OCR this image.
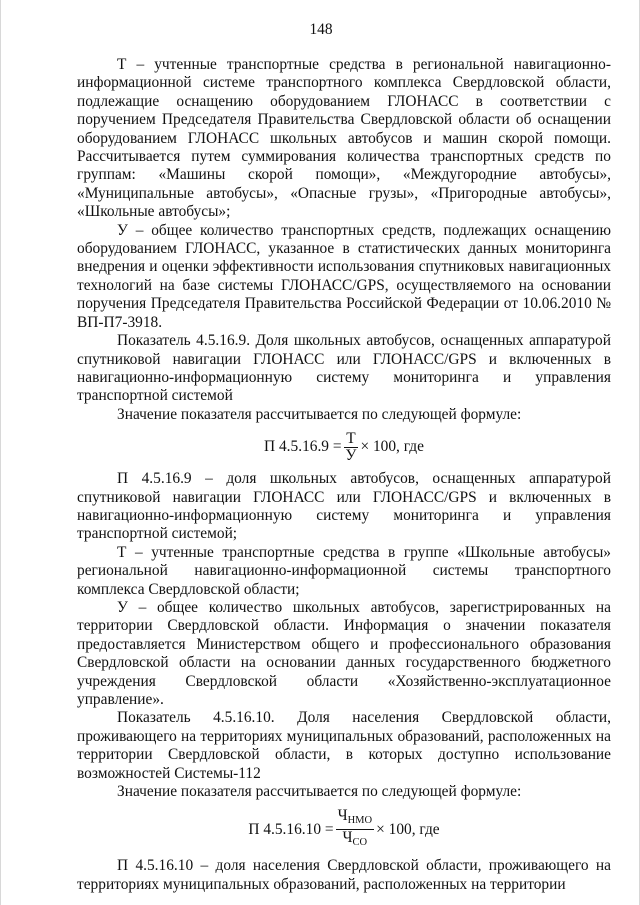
148

Т – учтенные транспортные средства в региональной навигационно-информационной системе транспортного комплекса Свердловской области, подлежащие оснащению оборудованием ГЛОНАСС в соответствии с поручением Председателя Правительства Свердловской области об оснащении оборудованием ГЛОНАСС школьных автобусов и машин скорой помощи. Рассчитывается путем суммирования количества транспортных средств по группам: «Машины скорой помощи», «Междугородние автобусы», «Муниципальные автобусы», «Опасные грузы», «Пригородные автобусы», «Школьные автобусы»;

У – общее количество транспортных средств, подлежащих оснащению оборудованием ГЛОНАСС, указанное в статистических данных мониторинга внедрения и оценки эффективности использования спутниковых навигационных технологий на базе системы ГЛОНАСС/GPS, осуществляемого на основании поручения Председателя Правительства Российской Федерации от 10.06.2010 № ВП-П7-3918.

Показатель 4.5.16.9. Доля школьных автобусов, оснащенных аппаратурой спутниковой навигации ГЛОНАСС или ГЛОНАСС/GPS и включенных в навигационно-информационную систему мониторинга и управления транспортной системой

Значение показателя рассчитывается по следующей формуле:

П $4.5.16.9 = \frac{Т}{У} \times 100$, где

П 4.5.16.9 – доля школьных автобусов, оснащенных аппаратурой спутниковой навигации ГЛОНАСС или ГЛОНАСС/GPS и включенных в навигационно-информационную систему мониторинга и управления транспортной системой;

Т – учтенные транспортные средства в группе «Школьные автобусы» региональной навигационно-информационной системы транспортного комплекса Свердловской области;

У – общее количество школьных автобусов, зарегистрированных на территории Свердловской области. Информация о значении показателя предоставляется Министерством общего и профессионального образования Свердловской области на основании данных государственного бюджетного учреждения Свердловской области «Хозяйственно-эксплуатационное управление».

Показатель 4.5.16.10. Доля населения Свердловской области, проживающего на территориях муниципальных образований, расположенных на территории Свердловской области, в которых доступно использование возможностей Системы-112

Значение показателя рассчитывается по следующей формуле:

П $4.5.16.10 = \frac{Ч_{НМО}}{Ч_{СО}} \times 100$, где

П 4.5.16.10 – доля населения Свердловской области, проживающего на территориях муниципальных образований, расположенных на территории
